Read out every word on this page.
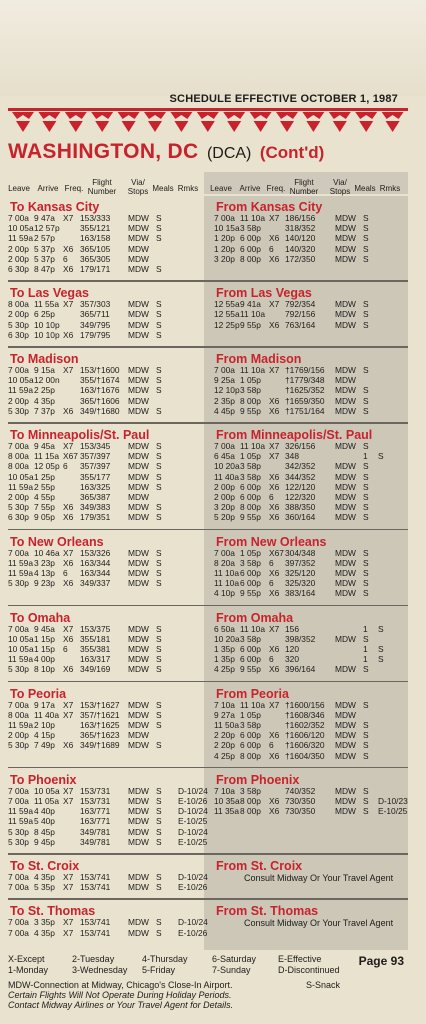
SCHEDULE EFFECTIVE OCTOBER 1, 1987
WASHINGTON, DC (DCA) (Cont'd)
Leave Arrive Freq.
Flight Number
Via/ Stops Meals Rmks Leave Arrive Freq.
Flight Number
Via/ Stops Meals Rmks
To Kansas City	From Kansas City
7 00a 9 47a X7 153/333 MDW S
10 05a 12 57p 355/121 MDW S
11 59a 2 57p	163/158 MDW S
2 00p 5 37p X6 365/105 MDW
2 00p 5 37p 6 365/305 MDW
6 30p 8 47p X6 179/171 MDW S
7 00a 11 10a X7 186/156 MDW S
10 15a 3 58p	318/352 MDW S
1 20p 6 00p X6 140/120 MDW S
1 20p 6 00p 6 140/320 MDW S
3 20p 8 00p X6 172/350 MDW S
To Las Vegas	From Las Vegas
8 00a 11 55a X7 357/303 MDW S
2 00p 6 25p	365/711 MDW S
5 30p 10 10p 349/795 MDW S
6 30p 10 10p X6 179/795 MDW S
12 55a 9 41a X7 792/354 MDW S
12 55a 11 10a 792/156 MDW S
12 25p 9 55p X6 763/164 MDW S
To Madison	From Madison
7 00a 9 15a X7 153/†1600 MDW S
10 05a 12 00n 355/†1674 MDW S
11 59a 2 25p	163/†1676 MDW S
2 00p 4 35p	365/†1606 MDW
5 30p 7 37p X6 349/†1680 MDW S
7 00a 11 10a X7 †1769/156 MDW S
9 25a 1 05p	†1779/348 MDW
12 10p 3 58p	†1625/352 MDW S
2 35p 8 00p X6 †1659/350 MDW S
4 45p 9 55p X6 †1751/164 MDW S
To Minneapolis/St. Paul	From Minneapolis/St. Paul
7 00a 9 45a X7 153/345 MDW S
8 00a 11 15a X67 357/397 MDW S
8 00a 12 05p 6 357/397 MDW S
10 05a 1 25p	355/177 MDW S
11 59a 2 55p	163/325 MDW S
2 00p 4 55p	365/387 MDW
5 30p 7 55p X6 349/383 MDW S
6 30p 9 05p X6 179/351 MDW S
7 00a 11 10a X7 326/156 MDW S
6 45a 1 05p X7 348	1 S
10 20a 3 58p	342/352 MDW S
11 40a 3 58p X6 344/352 MDW S
2 00p 6 00p X6 122/120 MDW S
2 00p 6 00p 6 122/320 MDW S
3 20p 8 00p X6 388/350 MDW S
5 20p 9 55p X6 360/164 MDW S
To New Orleans	From New Orleans
7 00a 10 46a X7 153/326 MDW S
11 59a 3 23p X6 163/344 MDW S
11 59a 4 13p 6 163/344 MDW S
5 30p 9 23p X6 349/337 MDW S
7 00a 1 05p X67 304/348 MDW S
8 20a 3 58p 6 397/352 MDW S
11 10a 6 00p X6 325/120 MDW S
11 10a 6 00p 6 325/320 MDW S
4 10p 9 55p X6 383/164 MDW S
To Omaha	From Omaha
7 00a 9 45a X7 153/375 MDW S
10 05a 1 15p X6 355/181 MDW S
10 05a 1 15p 6 355/381 MDW S
11 59a 4 00p	163/317 MDW S
5 30p 8 10p X6 349/169 MDW S
6 50a 11 10a X7 156	1 S
10 20a 3 58p	398/352 MDW S
1 35p 6 00p X6 120	1 S
1 35p 6 00p 6 320	1 S
4 25p 9 55p X6 396/164 MDW S
To Peoria	From Peoria
7 00a 9 17a X7 153/†1627 MDW S
8 00a 11 40a X7 357/†1621 MDW S
11 59a 2 10p	163/†1625 MDW S
2 00p 4 15p	365/†1623 MDW
5 30p 7 49p X6 349/†1689 MDW S
7 10a 11 10a X7 †1600/156 MDW S
9 27a 1 05p	†1608/346 MDW
11 50a 3 58p	†1602/352 MDW S
2 20p 6 00p X6 †1606/120 MDW S
2 20p 6 00p 6 †1606/320 MDW S
4 25p 8 00p X6 †1604/350 MDW S
To Phoenix	From Phoenix
7 00a 10 05a X7 153/731 MDW S D-10/24
7 00a 11 05a X7 153/731 MDW S E-10/26
11 59a 4 40p	163/771 MDW S D-10/24
11 59a 5 40p	163/771 MDW S E-10/25
5 30p 8 45p	349/781 MDW S D-10/24
5 30p 9 45p	349/781 MDW S E-10/25
7 10a 3 58p	740/352 MDW S
10 35a 8 00p X6 730/350 MDW S D-10/23
11 35a 8 00p X6 730/350 MDW S E-10/25
To St. Croix	From St. Croix
7 00a 4 35p X7 153/741 MDW S D-10/24
7 00a 5 35p X7 153/741 MDW S E-10/26
Consult Midway Or Your Travel Agent
To St. Thomas	From St. Thomas
7 00a 3 35p X7 153/741 MDW S D-10/24
7 00a 4 35p X7 153/741 MDW S E-10/26
Consult Midway Or Your Travel Agent
Page 93
MDW-Connection at Midway, Chicago's Close-In Airport.	S-Snack
Certain Flights Will Not Operate During Holiday Periods.
Contact Midway Airlines or Your Travel Agent for Details.
X-Except	2-Tuesday	4-Thursday	6-Saturday E-Effective
1-Monday	3-Wednesday 5-Friday	7-Sunday	D-Discontinued
